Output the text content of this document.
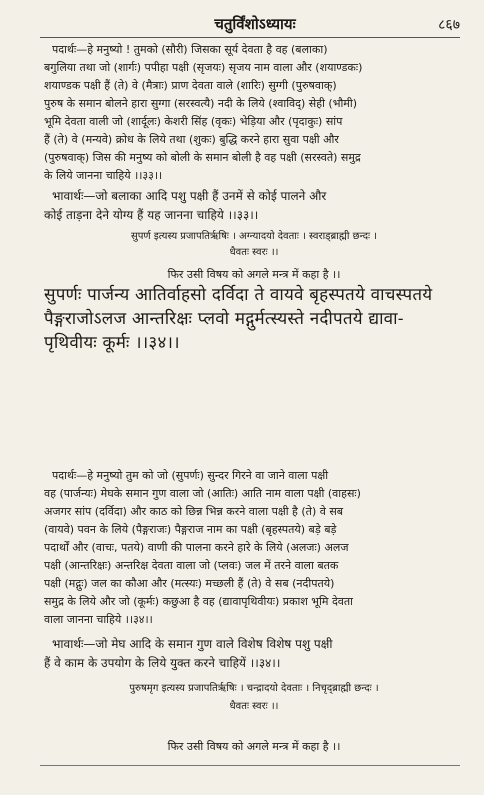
चतुर्विंशोऽध्यायः	८६७
पदार्थः—हे मनुष्यो ! तुमको (सौरी) जिसका सूर्य देवता है वह (बलाका)
बगुलिया तथा जो (शार्गः) पपीहा पक्षी (सृजयः) सृजय नाम वाला और (शयाण्डकः)
शयाण्डक पक्षी हैं (ते) वे (मैत्राः) प्राण देवता वाले (शारिः) सुग्गी (पुरुषवाक्)
पुरुष के समान बोलने हारा सुग्गा (सरस्वत्यै) नदी के लिये (श्वाविद्) सेही (भौमी)
भूमि देवता वाली जो (शार्दूलः) केशरी सिंह (वृकः) भेड़िया और (पृदाकुः) सांप
हैं (ते) वे (मन्यवे) क्रोध के लिये तथा (शुकः) बुद्धि करने हारा सुवा पक्षी और
(पुरुषवाक्) जिस की मनुष्य को बोली के समान बोली है वह पक्षी (सरस्वते) समुद्र
के लिये जानना चाहिये ।।३३।।
भावार्थः—जो बलाका आदि पशु पक्षी हैं उनमें से कोई पालने और
कोई ताड़ना देने योग्य हैं यह जानना चाहिये ।।३३।।
सुपर्ण इत्यस्य प्रजापतिर्ऋषिः । अग्न्यादयो देवताः । स्वराड्ब्राह्मी छन्दः ।
धैवतः स्वरः ।।
फिर उसी विषय को अगले मन्त्र में कहा है ।।
सुपर्णः पार्जन्य आतिर्वाहसो दर्विदा ते वायवे बृहस्पतये वाचस्पतये
पैङ्गराजोऽलज आन्तरिक्षः प्लवो मद्गुर्मत्स्यस्ते नदीपतये द्यावा-
पृथिवीयः कूर्मः ।।३४।।
पदार्थः—हे मनुष्यो तुम को जो (सुपर्णः) सुन्दर गिरने वा जाने वाला पक्षी
वह (पार्जन्यः) मेघके समान गुण वाला जो (आतिः) आति नाम वाला पक्षी (वाहसः)
अजगर सांप (दर्विदा) और काठ को छिन्न भिन्न करने वाला पक्षी है (ते) वे सब
(वायवे) पवन के लिये (पैङ्गराजः) पैङ्गराज नाम का पक्षी (बृहस्पतये) बड़े बड़े
पदार्थों और (वाचः, पतये) वाणी की पालना करने हारे के लिये (अलजः) अलज
पक्षी (आन्तरिक्षः) अन्तरिक्ष देवता वाला जो (प्लवः) जल में तरने वाला बतक
पक्षी (मद्गुः) जल का कौआ और (मत्स्यः) मच्छली हैं (ते) वे सब (नदीपतये)
समुद्र के लिये और जो (कूर्मः) कछुआ है वह (द्यावापृथिवीयः) प्रकाश भूमि देवता
वाला जानना चाहिये ।।३४।।
भावार्थः—जो मेघ आदि के समान गुण वाले विशेष विशेष पशु पक्षी
हैं वे काम के उपयोग के लिये युक्त करने चाहियें ।।३४।।
पुरुषमृग इत्यस्य प्रजापतिर्ऋषिः । चन्द्रादयो देवताः । निचृद्ब्राह्मी छन्दः ।
धैवतः स्वरः ।।
फिर उसी विषय को अगले मन्त्र में कहा है ।।
